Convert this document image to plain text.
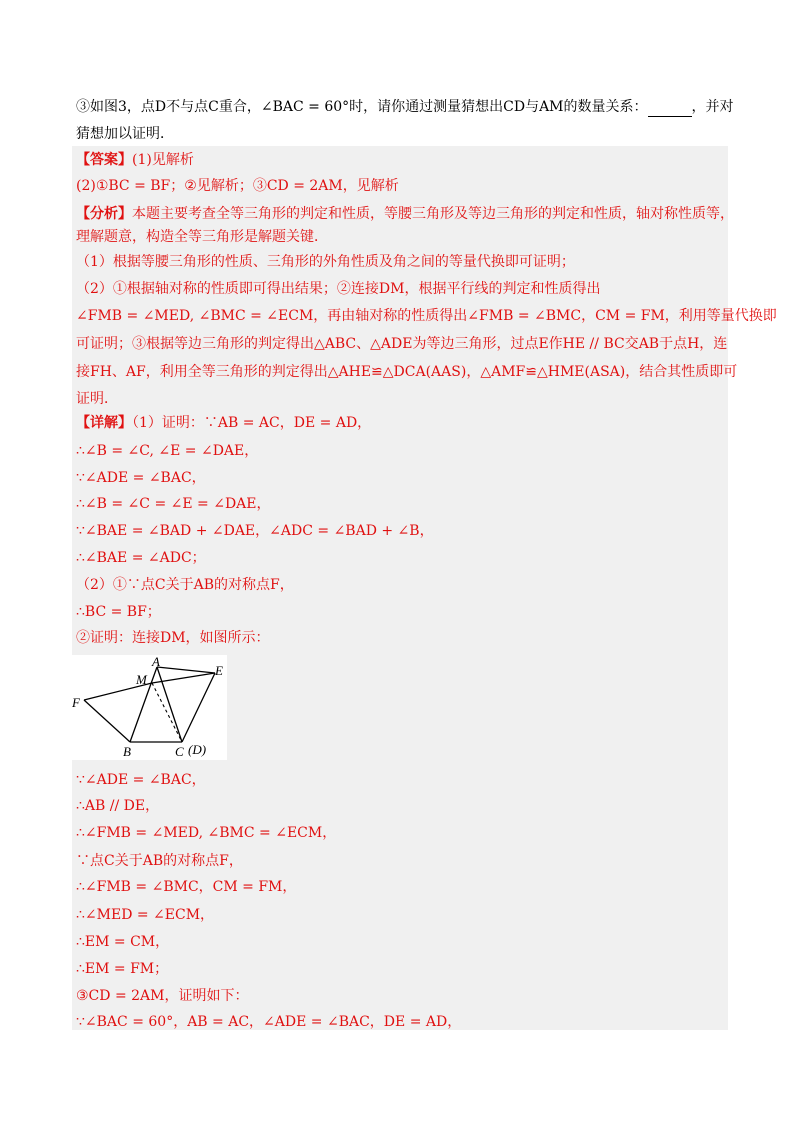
③如图3，点D不与点C重合，∠BAC = 60°时，请你通过测量猜想出CD与AM的数量关系：	，并对
猜想加以证明．
【答案】(1)见解析
(2)①BC = BF；②见解析；③CD = 2AM，见解析
【分析】本题主要考查全等三角形的判定和性质，等腰三角形及等边三角形的判定和性质，轴对称性质等，
理解题意，构造全等三角形是解题关键．
（1）根据等腰三角形的性质、三角形的外角性质及角之间的等量代换即可证明；
（2）①根据轴对称的性质即可得出结果；②连接DM，根据平行线的判定和性质得出
∠FMB = ∠MED, ∠BMC = ∠ECM，再由轴对称的性质得出∠FMB = ∠BMC，CM = FM，利用等量代换即
可证明；③根据等边三角形的判定得出△ABC、△ADE为等边三角形，过点E作HE // BC交AB于点H，连
接FH、AF，利用全等三角形的判定得出△AHE≌△DCA(AAS)，△AMF≌△HME(ASA)，结合其性质即可
证明．
【详解】（1）证明：∵AB = AC，DE = AD，
∴∠B = ∠C, ∠E = ∠DAE，
∵∠ADE = ∠BAC，
∴∠B = ∠C = ∠E = ∠DAE，
∵∠BAE = ∠BAD + ∠DAE，∠ADC = ∠BAD + ∠B，
∴∠BAE = ∠ADC；
（2）①∵点C关于AB的对称点F，
∴BC = BF；
②证明：连接DM，如图所示：
A
M
E
F
B	C (D)
∵∠ADE = ∠BAC，
∴AB // DE，
∴∠FMB = ∠MED, ∠BMC = ∠ECM，
∵点C关于AB的对称点F，
∴∠FMB = ∠BMC，CM = FM，
∴∠MED = ∠ECM，
∴EM = CM，
∴EM = FM；
③CD = 2AM，证明如下：
∵∠BAC = 60°，AB = AC，∠ADE = ∠BAC，DE = AD，
